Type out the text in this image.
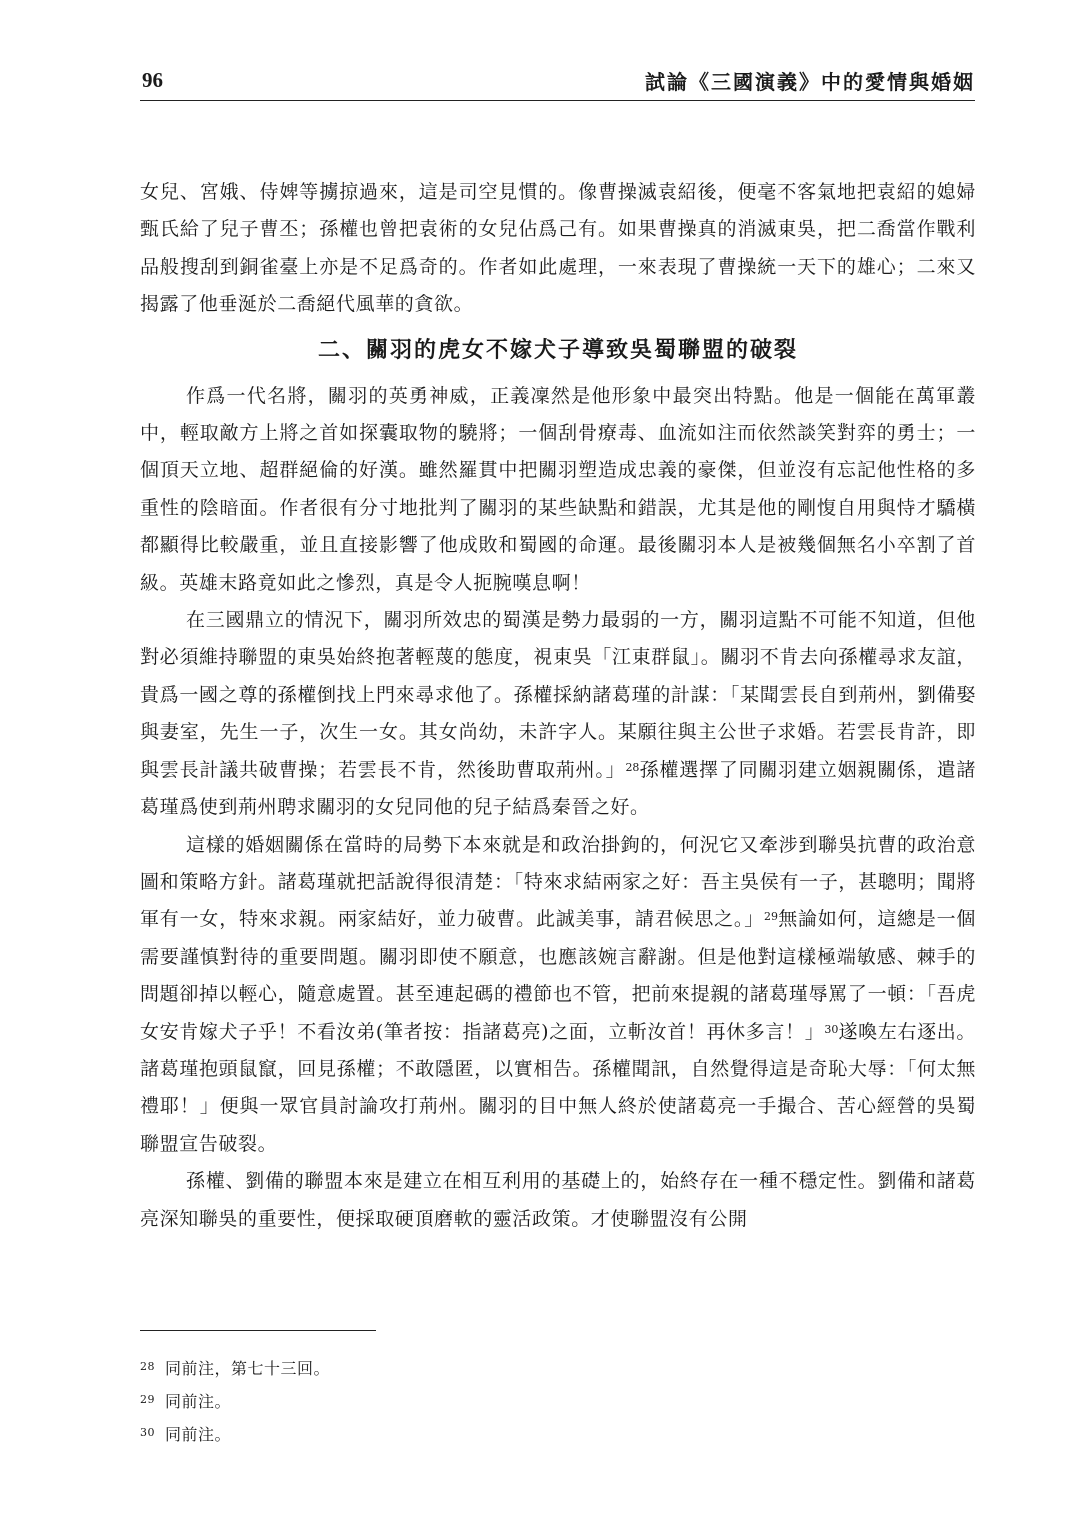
96	試論《三國演義》中的愛情與婚姻

女兒、宮娥、侍婢等擄掠過來，這是司空見慣的。像曹操滅袁紹後，便毫不客氣地把袁紹的媳婦甄氏給了兒子曹丕；孫權也曾把袁術的女兒佔爲己有。如果曹操真的消滅東吳，把二喬當作戰利品般搜刮到銅雀臺上亦是不足爲奇的。作者如此處理，一來表現了曹操統一天下的雄心；二來又揭露了他垂涎於二喬絕代風華的貪欲。

二、關羽的虎女不嫁犬子導致吳蜀聯盟的破裂

作爲一代名將，關羽的英勇神威，正義凜然是他形象中最突出特點。他是一個能在萬軍叢中，輕取敵方上將之首如探囊取物的驍將；一個刮骨療毒、血流如注而依然談笑對弈的勇士；一個頂天立地、超群絕倫的好漢。雖然羅貫中把關羽塑造成忠義的豪傑，但並沒有忘記他性格的多重性的陰暗面。作者很有分寸地批判了關羽的某些缺點和錯誤，尤其是他的剛愎自用與恃才驕橫都顯得比較嚴重，並且直接影響了他成敗和蜀國的命運。最後關羽本人是被幾個無名小卒割了首級。英雄末路竟如此之慘烈，真是令人扼腕嘆息啊！

在三國鼎立的情況下，關羽所效忠的蜀漢是勢力最弱的一方，關羽這點不可能不知道，但他對必須維持聯盟的東吳始終抱著輕蔑的態度，視東吳「江東群鼠」。關羽不肯去向孫權尋求友誼，貴爲一國之尊的孫權倒找上門來尋求他了。孫權採納諸葛瑾的計謀：「某聞雲長自到荊州，劉備娶與妻室，先生一子，次生一女。其女尚幼，未許字人。某願往與主公世子求婚。若雲長肯許，即與雲長計議共破曹操；若雲長不肯，然後助曹取荊州。」$^{28}$孫權選擇了同關羽建立姻親關係，遣諸葛瑾爲使到荊州聘求關羽的女兒同他的兒子結爲秦晉之好。

這樣的婚姻關係在當時的局勢下本來就是和政治掛鉤的，何況它又牽涉到聯吳抗曹的政治意圖和策略方針。諸葛瑾就把話說得很清楚：「特來求結兩家之好：吾主吳侯有一子，甚聰明；聞將軍有一女，特來求親。兩家結好，並力破曹。此誠美事，請君候思之。」$^{29}$無論如何，這總是一個需要謹慎對待的重要問題。關羽即使不願意，也應該婉言辭謝。但是他對這樣極端敏感、棘手的問題卻掉以輕心，隨意處置。甚至連起碼的禮節也不管，把前來提親的諸葛瑾辱罵了一頓：「吾虎女安肯嫁犬子乎！不看汝弟(筆者按：指諸葛亮)之面，立斬汝首！再休多言！」$^{30}$遂喚左右逐出。諸葛瑾抱頭鼠竄，回見孫權；不敢隱匿，以實相告。孫權聞訊，自然覺得這是奇恥大辱：「何太無禮耶！」便與一眾官員討論攻打荊州。關羽的目中無人終於使諸葛亮一手撮合、苦心經營的吳蜀聯盟宣告破裂。

孫權、劉備的聯盟本來是建立在相互利用的基礎上的，始終存在一種不穩定性。劉備和諸葛亮深知聯吳的重要性，便採取硬頂磨軟的靈活政策。才使聯盟沒有公開

$^{28}$ 同前注，第七十三回。
$^{29}$ 同前注。
$^{30}$ 同前注。
